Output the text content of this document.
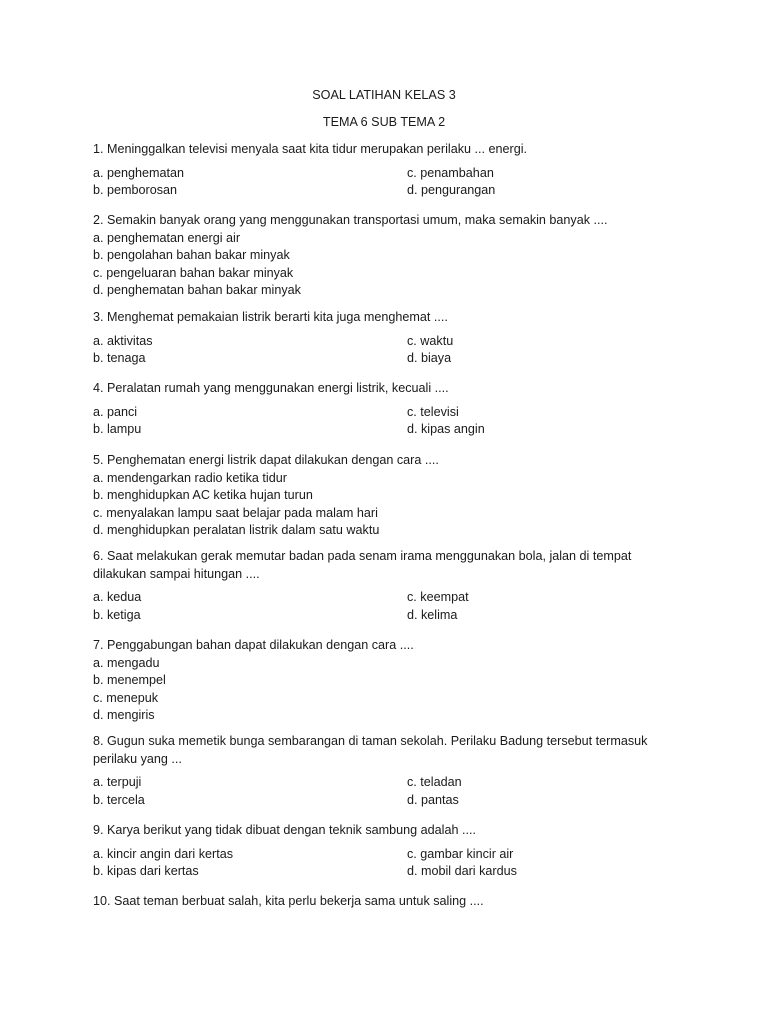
SOAL LATIHAN KELAS 3
TEMA 6 SUB TEMA 2
1. Meninggalkan televisi menyala saat kita tidur merupakan perilaku ... energi.
a. penghematan	c. penambahan
b. pemborosan	d. pengurangan
2. Semakin banyak orang yang menggunakan transportasi umum, maka semakin banyak ....
a. penghematan energi air
b. pengolahan bahan bakar minyak
c. pengeluaran bahan bakar minyak
d. penghematan bahan bakar minyak
3. Menghemat pemakaian listrik berarti kita juga menghemat ....
a. aktivitas	c. waktu
b. tenaga	d. biaya
4. Peralatan rumah yang menggunakan energi listrik, kecuali ....
a. panci	c. televisi
b. lampu	d. kipas angin
5. Penghematan energi listrik dapat dilakukan dengan cara ....
a. mendengarkan radio ketika tidur
b. menghidupkan AC ketika hujan turun
c. menyalakan lampu saat belajar pada malam hari
d. menghidupkan peralatan listrik dalam satu waktu
6. Saat melakukan gerak memutar badan pada senam irama menggunakan bola, jalan di tempat
dilakukan sampai hitungan ....
a. kedua	c. keempat
b. ketiga	d. kelima
7. Penggabungan bahan dapat dilakukan dengan cara ....
a. mengadu
b. menempel
c. menepuk
d. mengiris
8. Gugun suka memetik bunga sembarangan di taman sekolah. Perilaku Badung tersebut termasuk
perilaku yang ...
a. terpuji	c. teladan
b. tercela	d. pantas
9. Karya berikut yang tidak dibuat dengan teknik sambung adalah ....
a. kincir angin dari kertas	c. gambar kincir air
b. kipas dari kertas	d. mobil dari kardus
10. Saat teman berbuat salah, kita perlu bekerja sama untuk saling ....
